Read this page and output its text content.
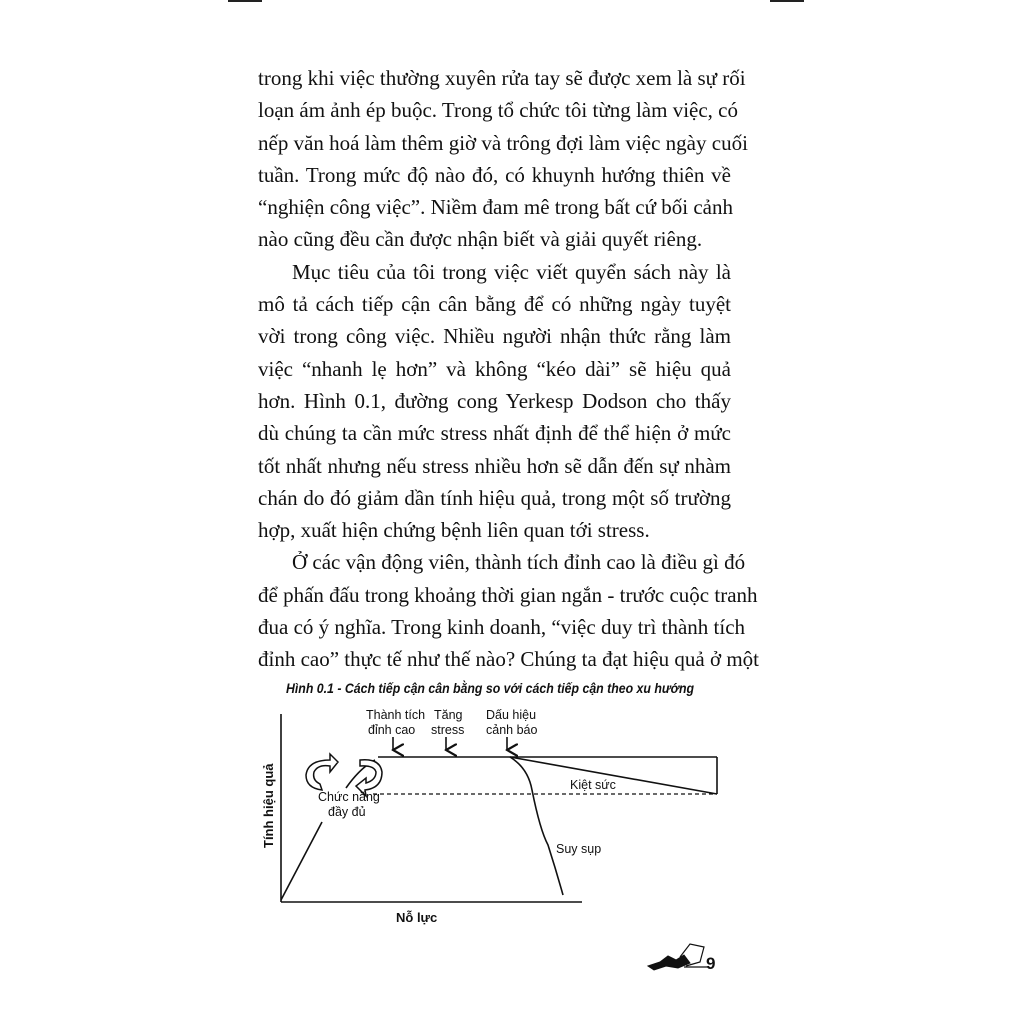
trong khi việc thường xuyên rửa tay sẽ được xem là sự rối
loạn ám ảnh ép buộc. Trong tổ chức tôi từng làm việc, có
nếp văn hoá làm thêm giờ và trông đợi làm việc ngày cuối
tuần. Trong mức độ nào đó, có khuynh hướng thiên về
“nghiện công việc”. Niềm đam mê trong bất cứ bối cảnh
nào cũng đều cần được nhận biết và giải quyết riêng.
Mục tiêu của tôi trong việc viết quyển sách này là
mô tả cách tiếp cận cân bằng để có những ngày tuyệt
vời trong công việc. Nhiều người nhận thức rằng làm
việc “nhanh lẹ hơn” và không “kéo dài” sẽ hiệu quả
hơn. Hình 0.1, đường cong Yerkesp Dodson cho thấy
dù chúng ta cần mức stress nhất định để thể hiện ở mức
tốt nhất nhưng nếu stress nhiều hơn sẽ dẫn đến sự nhàm
chán do đó giảm dần tính hiệu quả, trong một số trường
hợp, xuất hiện chứng bệnh liên quan tới stress.
Ở các vận động viên, thành tích đỉnh cao là điều gì đó
để phấn đấu trong khoảng thời gian ngắn - trước cuộc tranh
đua có ý nghĩa. Trong kinh doanh, “việc duy trì thành tích
đỉnh cao” thực tế như thế nào? Chúng ta đạt hiệu quả ở một
Hình 0.1 - Cách tiếp cận cân bằng so với cách tiếp cận theo xu hướng
Tính hiệu quả
Nỗ lực
Thành tích
đỉnh cao
Tăng
stress
Dấu hiệu
cảnh báo
Chức năng
đầy đủ
Kiệt sức
Suy sụp
9
